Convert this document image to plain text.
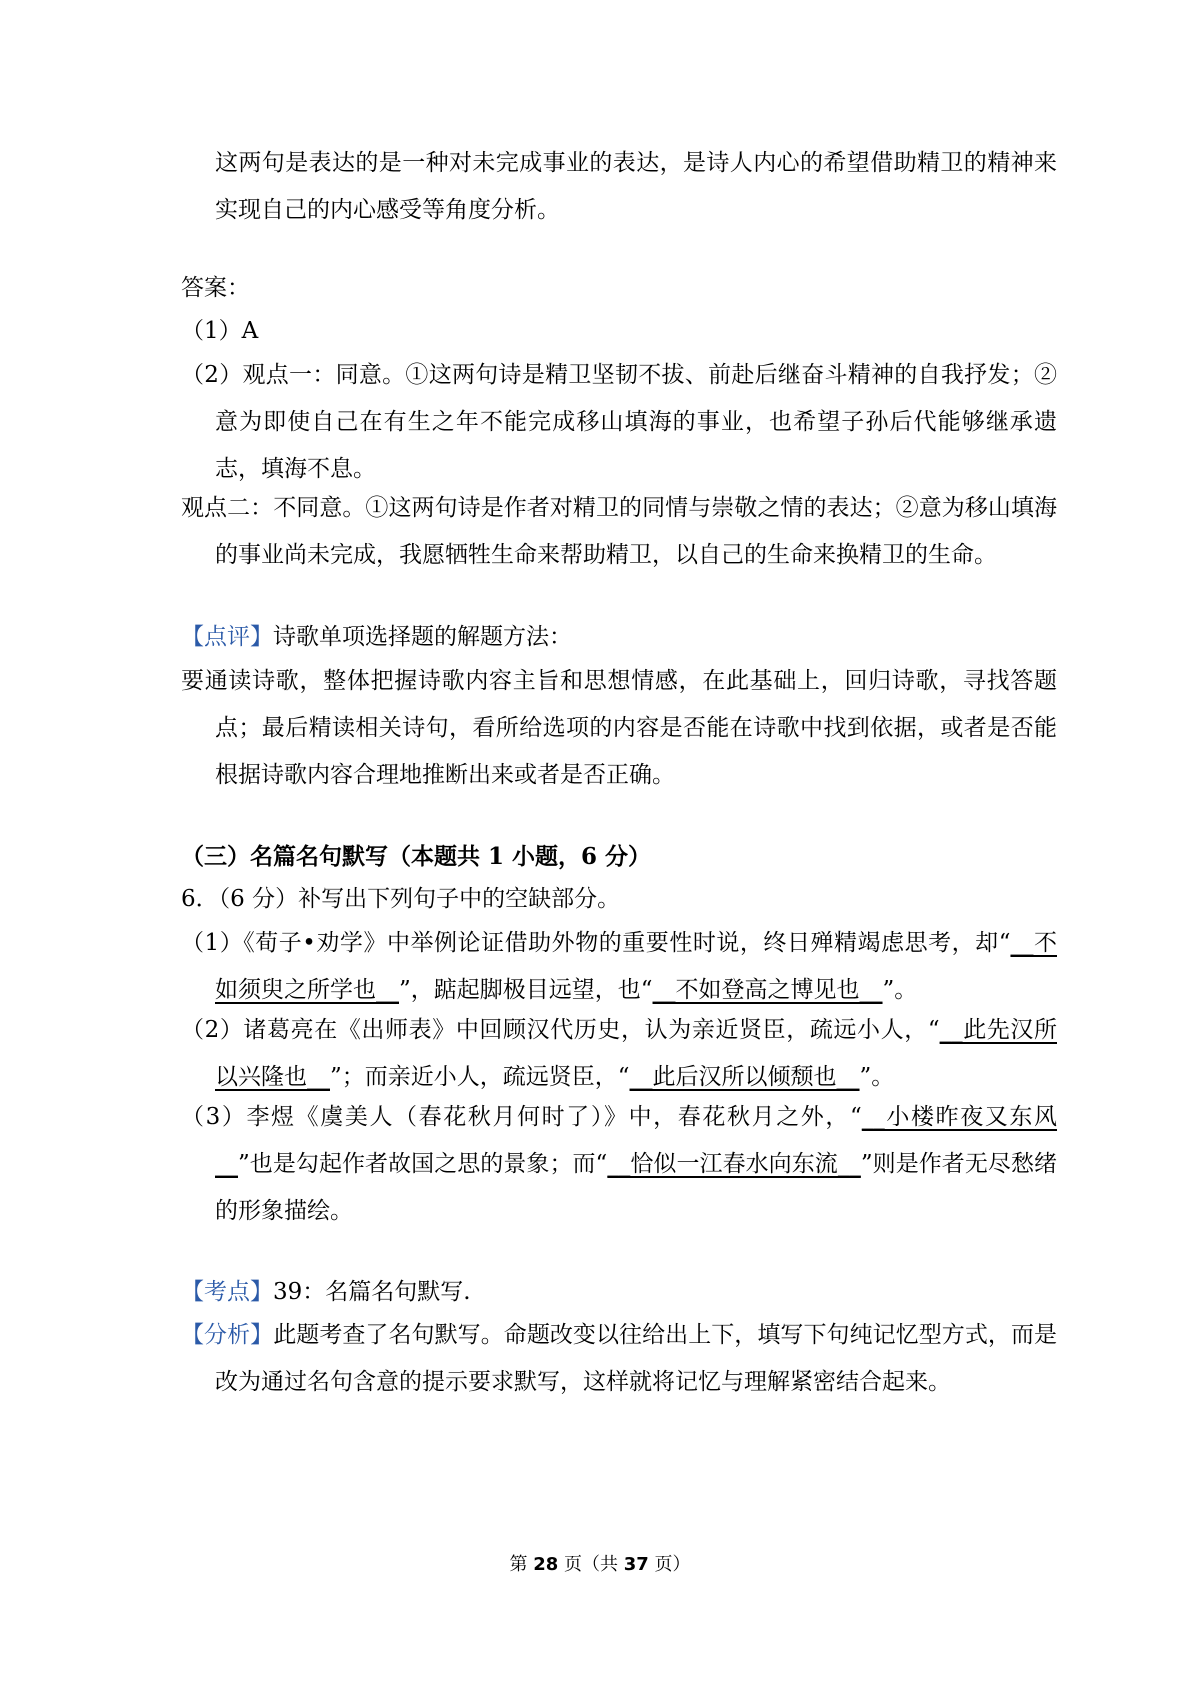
这两句是表达的是一种对未完成事业的表达，是诗人内心的希望借助精卫的精神来实现自己的内心感受等角度分析。

答案：

（1）A

（2）观点一：同意。①这两句诗是精卫坚韧不拔、前赴后继奋斗精神的自我抒发；②意为即使自己在有生之年不能完成移山填海的事业，也希望子孙后代能够继承遗志，填海不息。

观点二：不同意。①这两句诗是作者对精卫的同情与崇敬之情的表达；②意为移山填海的事业尚未完成，我愿牺牲生命来帮助精卫，以自己的生命来换精卫的生命。

【点评】诗歌单项选择题的解题方法：

要通读诗歌，整体把握诗歌内容主旨和思想情感，在此基础上，回归诗歌，寻找答题点；最后精读相关诗句，看所给选项的内容是否能在诗歌中找到依据，或者是否能根据诗歌内容合理地推断出来或者是否正确。

（三）名篇名句默写（本题共 1 小题，6 分）

6．（6 分）补写出下列句子中的空缺部分。

（1）《荀子•劝学》中举例论证借助外物的重要性时说，终日殚精竭虑思考，却“__不如须臾之所学也__”，踮起脚极目远望，也“__不如登高之博见也__”。

（2）诸葛亮在《出师表》中回顾汉代历史，认为亲近贤臣，疏远小人，“__此先汉所以兴隆也__”；而亲近小人，疏远贤臣，“__此后汉所以倾颓也__”。

（3）李煜《虞美人（春花秋月何时了）》中，春花秋月之外，“__小楼昨夜又东风__”也是勾起作者故国之思的景象；而“__恰似一江春水向东流__”则是作者无尽愁绪的形象描绘。

【考点】39：名篇名句默写.

【分析】此题考查了名句默写。命题改变以往给出上下，填写下句纯记忆型方式，而是改为通过名句含意的提示要求默写，这样就将记忆与理解紧密结合起来。

第 28 页（共 37 页）
